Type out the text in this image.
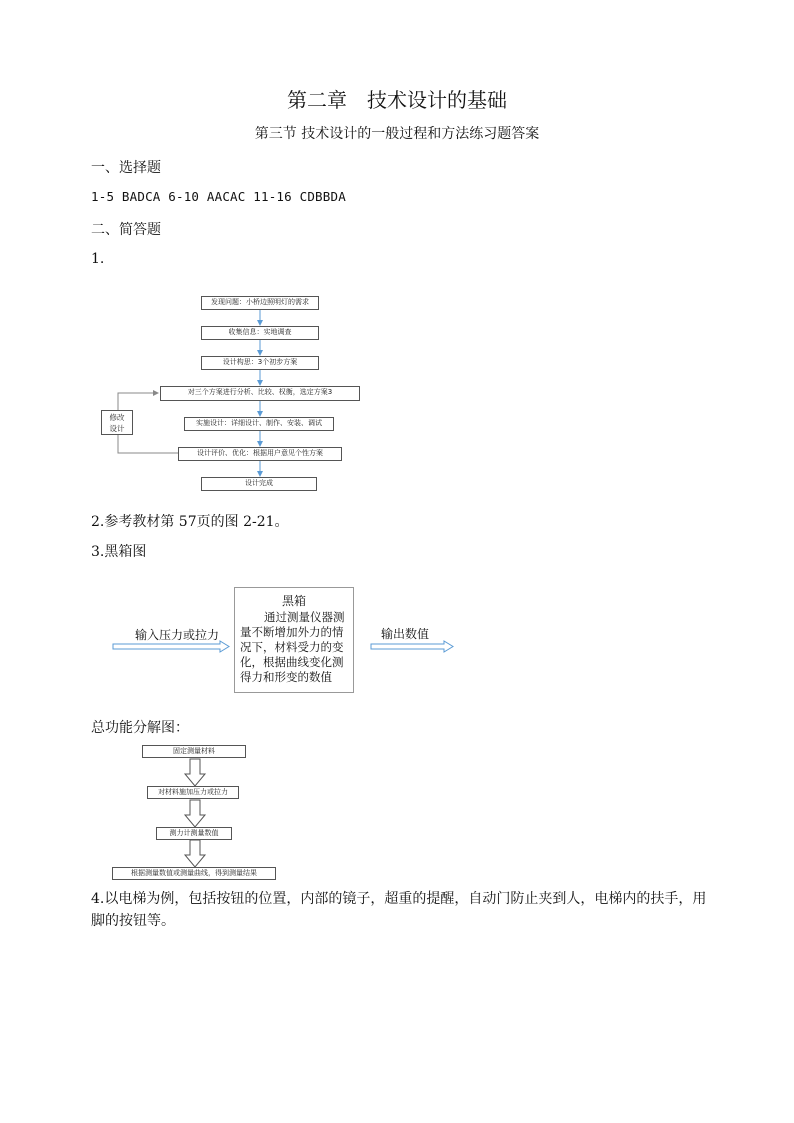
第二章　技术设计的基础
第三节 技术设计的一般过程和方法练习题答案
一、选择题
1-5 BADCA 6-10 AACAC 11-16 CDBBDA
二、简答题
1.
发现问题：小桥边照明灯的需求
收集信息：实地调查
设计构思：3个初步方案
对三个方案进行分析、比较、权衡，选定方案3
实施设计：详细设计、制作、安装、调试
设计评价、优化：根据用户意见个性方案
设计完成
修改设计
2.参考教材第 57页的图 2-21。
3.黑箱图
输入压力或拉力
黑箱
通过测量仪器测量不断增加外力的情况下，材料受力的变化，根据曲线变化测得力和形变的数值
输出数值
总功能分解图：
固定测量材料
对材料施加压力或拉力
测力计测量数值
根据测量数值或测量曲线，得到测量结果
4.以电梯为例，包括按钮的位置，内部的镜子，超重的提醒，自动门防止夹到人，电梯内的扶手，用脚的按钮等。
